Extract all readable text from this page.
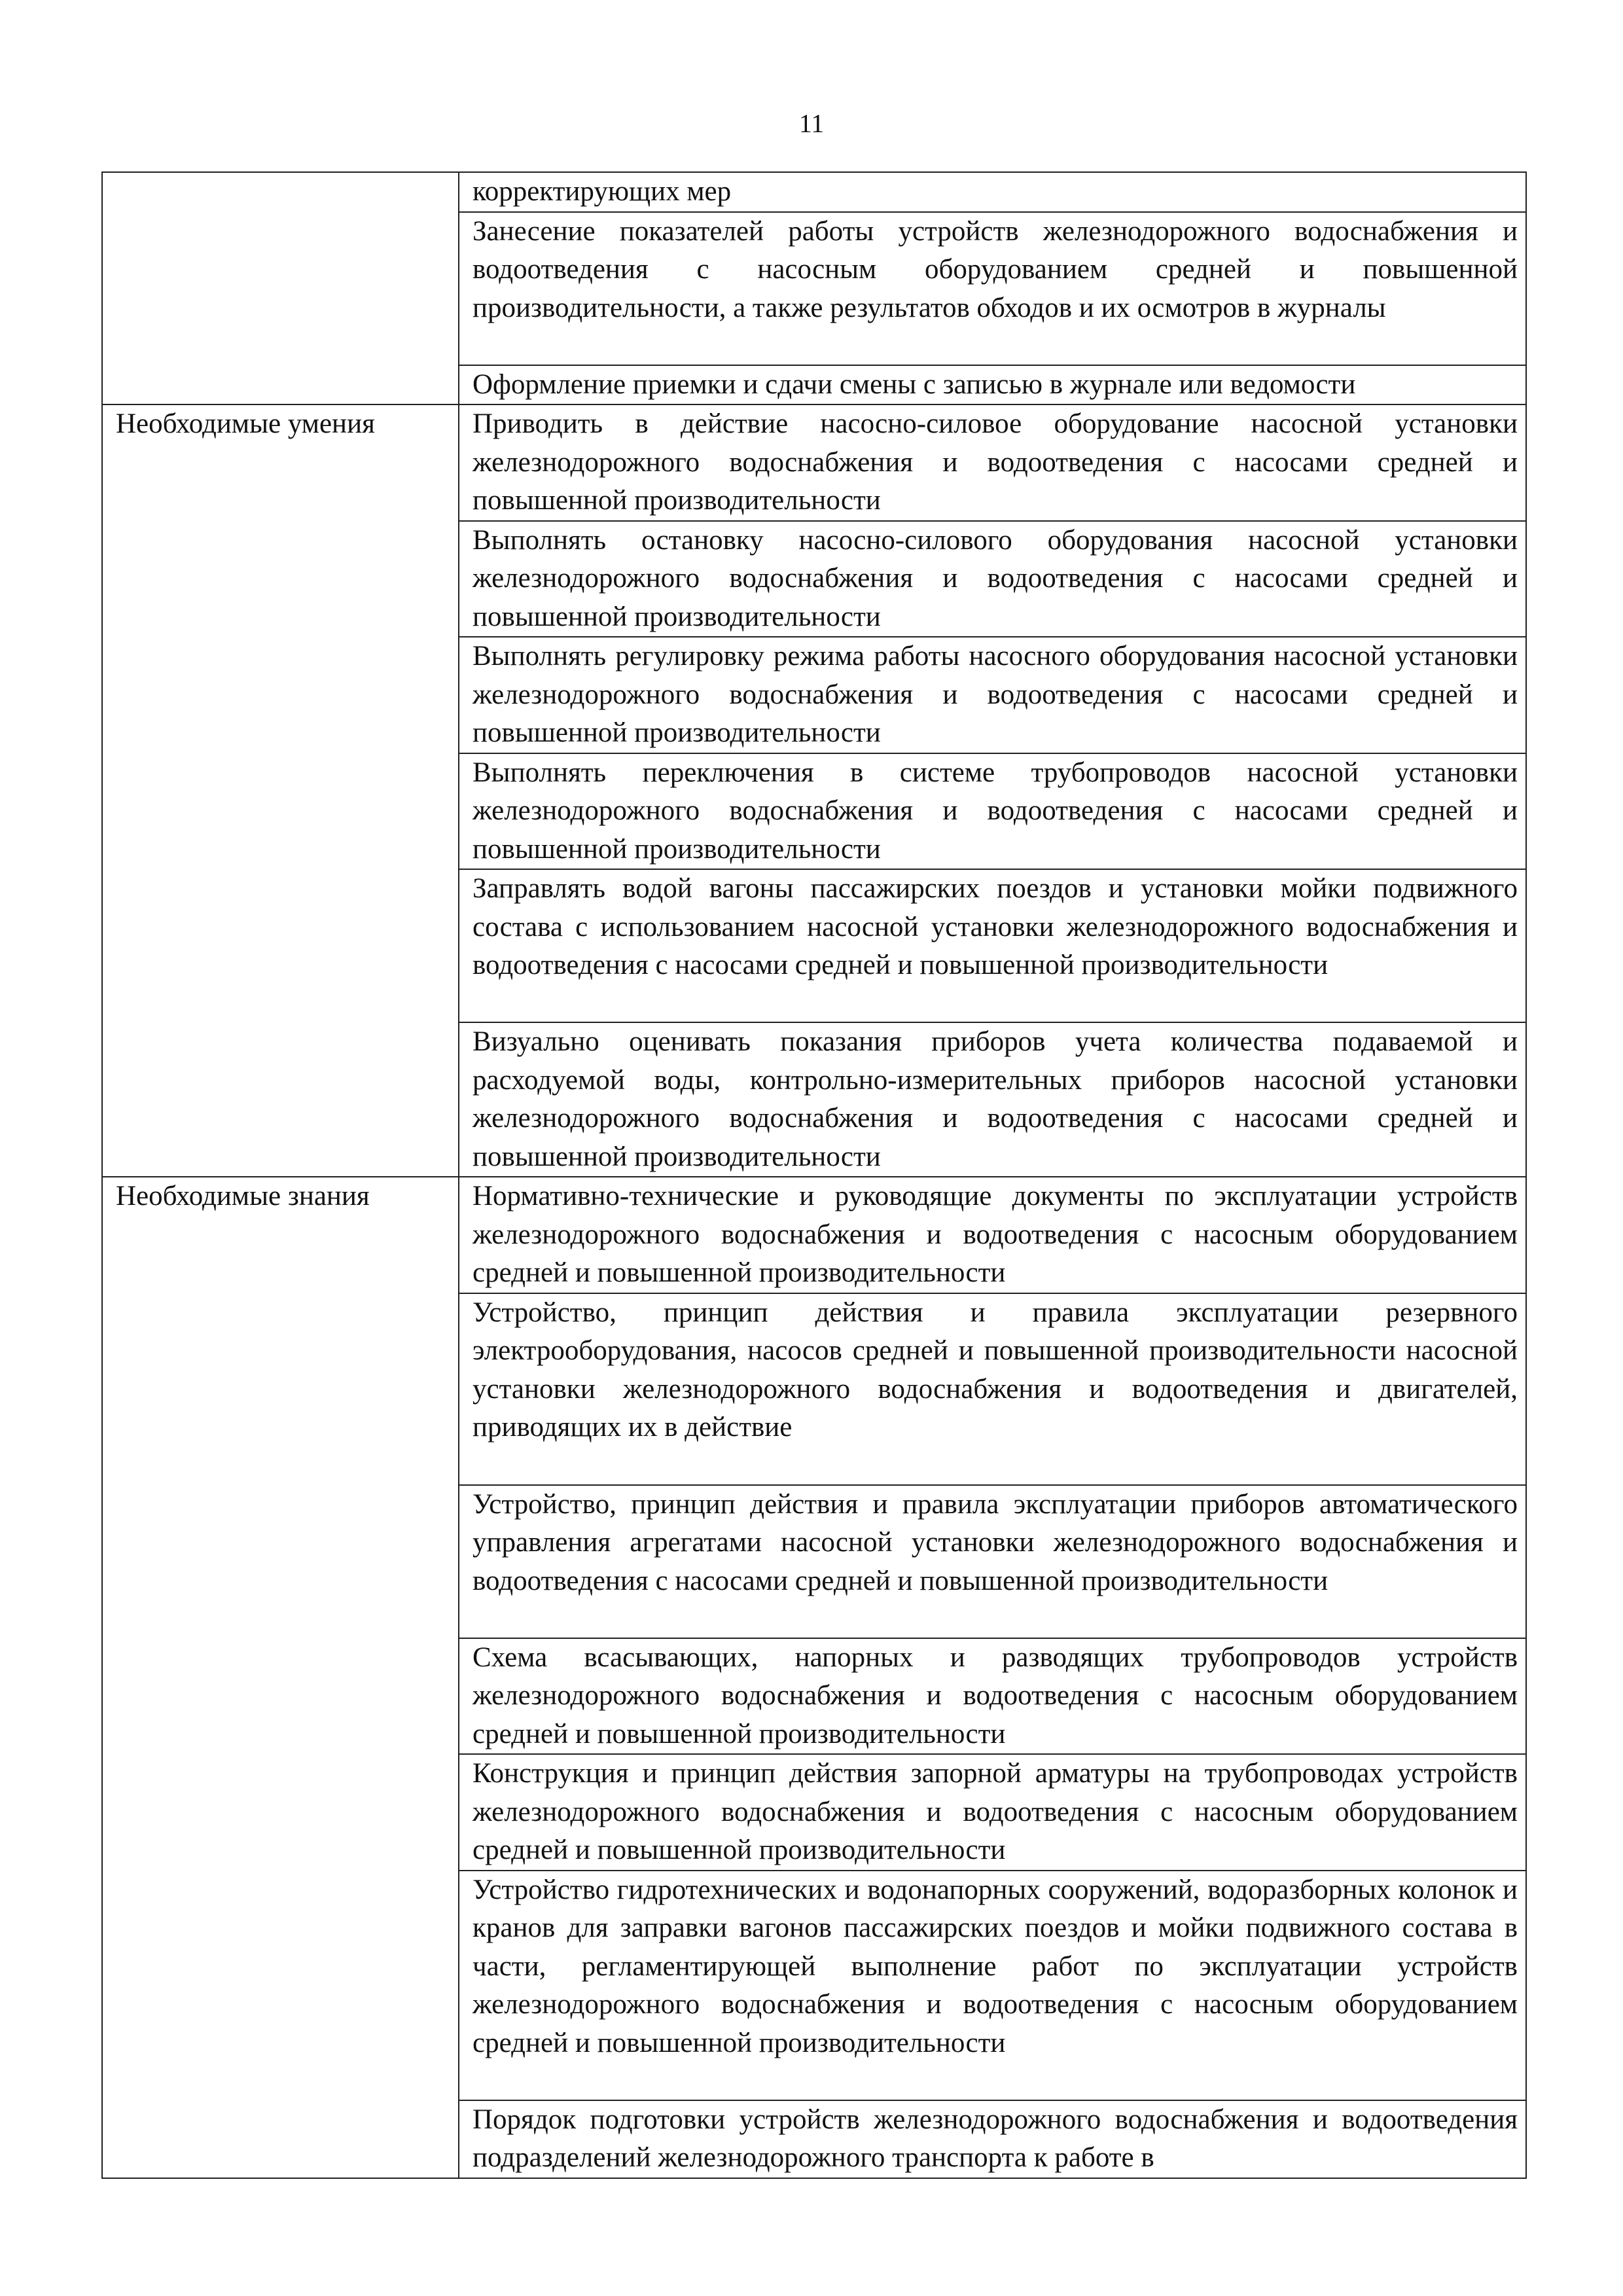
11
	корректирующих мер
	Занесение показателей работы устройств железнодорожного водоснабжения и водоотведения с насосным оборудованием средней и повышенной производительности, а также результатов обходов и их осмотров в журналы
	Оформление приемки и сдачи смены с записью в журнале или ведомости
Необходимые умения	Приводить в действие насосно-силовое оборудование насосной установки железнодорожного водоснабжения и водоотведения с насосами средней и повышенной производительности
	Выполнять остановку насосно-силового оборудования насосной установки железнодорожного водоснабжения и водоотведения с насосами средней и повышенной производительности
	Выполнять регулировку режима работы насосного оборудования насосной установки железнодорожного водоснабжения и водоотведения с насосами средней и повышенной производительности
	Выполнять переключения в системе трубопроводов насосной установки железнодорожного водоснабжения и водоотведения с насосами средней и повышенной производительности
	Заправлять водой вагоны пассажирских поездов и установки мойки подвижного состава с использованием насосной установки железнодорожного водоснабжения и водоотведения с насосами средней и повышенной производительности
	Визуально оценивать показания приборов учета количества подаваемой и расходуемой воды, контрольно-измерительных приборов насосной установки железнодорожного водоснабжения и водоотведения с насосами средней и повышенной производительности
Необходимые знания	Нормативно-технические и руководящие документы по эксплуатации устройств железнодорожного водоснабжения и водоотведения с насосным оборудованием средней и повышенной производительности
	Устройство, принцип действия и правила эксплуатации резервного электрооборудования, насосов средней и повышенной производительности насосной установки железнодорожного водоснабжения и водоотведения и двигателей, приводящих их в действие
	Устройство, принцип действия и правила эксплуатации приборов автоматического управления агрегатами насосной установки железнодорожного водоснабжения и водоотведения с насосами средней и повышенной производительности
	Схема всасывающих, напорных и разводящих трубопроводов устройств железнодорожного водоснабжения и водоотведения с насосным оборудованием средней и повышенной производительности
	Конструкция и принцип действия запорной арматуры на трубопроводах устройств железнодорожного водоснабжения и водоотведения с насосным оборудованием средней и повышенной производительности
	Устройство гидротехнических и водонапорных сооружений, водоразборных колонок и кранов для заправки вагонов пассажирских поездов и мойки подвижного состава в части, регламентирующей выполнение работ по эксплуатации устройств железнодорожного водоснабжения и водоотведения с насосным оборудованием средней и повышенной производительности
	Порядок подготовки устройств железнодорожного водоснабжения и водоотведения подразделений железнодорожного транспорта к работе в
